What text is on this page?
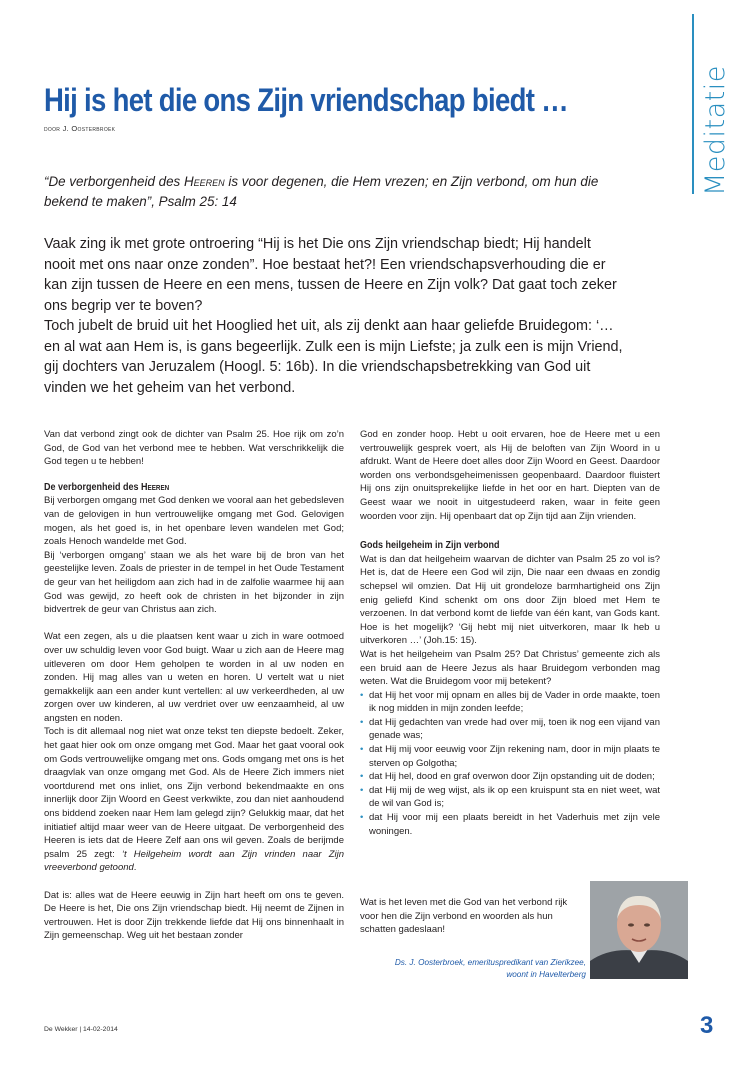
Meditatie
Hij is het die ons Zijn vriendschap biedt …
door J. Oosterbroek
“De verborgenheid des Heeren is voor degenen, die Hem vrezen; en Zijn verbond, om hun die bekend te maken”, Psalm 25: 14

Vaak zing ik met grote ontroering “Hij is het Die ons Zijn vriendschap biedt; Hij handelt nooit met ons naar onze zonden”. Hoe bestaat het?! Een vriendschapsverhouding die er kan zijn tussen de Heere en een mens, tussen de Heere en Zijn volk? Dat gaat toch zeker ons begrip ver te boven?

Toch jubelt de bruid uit het Hooglied het uit, als zij denkt aan haar geliefde Bruidegom: ‘… en al wat aan Hem is, is gans begeerlijk. Zulk een is mijn Liefste; ja zulk een is mijn Vriend, gij dochters van Jeruzalem (Hoogl. 5: 16b). In die vriendschapsbetrekking van God uit vinden we het geheim van het verbond.

Van dat verbond zingt ook de dichter van Psalm 25. Hoe rijk om zo’n God, de God van het verbond mee te hebben. Wat verschrikkelijk die God tegen u te hebben!

De verborgenheid des Heeren

Bij verborgen omgang met God denken we vooral aan het gebedsleven van de gelovigen in hun vertrouwelijke omgang met God. Gelovigen mogen, als het goed is, in het openbare leven wandelen met God; zoals Henoch wandelde met God.

Bij ‘verborgen omgang’ staan we als het ware bij de bron van het geestelijke leven. Zoals de priester in de tempel in het Oude Testament de geur van het heiligdom aan zich had in de zalfolie waarmee hij aan God was gewijd, zo heeft ook de christen in het bijzonder in zijn bidvertrek de geur van Christus aan zich.

Wat een zegen, als u die plaatsen kent waar u zich in ware ootmoed over uw schuldig leven voor God buigt. Waar u zich aan de Heere mag uitleveren om door Hem geholpen te worden in al uw noden en zonden. Hij mag alles van u weten en horen. U vertelt wat u niet gemakkelijk aan een ander kunt vertellen: al uw verkeerdheden, al uw zorgen over uw kinderen, al uw verdriet over uw eenzaamheid, al uw angsten en noden.

Toch is dit allemaal nog niet wat onze tekst ten diepste bedoelt. Zeker, het gaat hier ook om onze omgang met God. Maar het gaat vooral ook om Gods vertrouwelijke omgang met ons. Gods omgang met ons is het draagvlak van onze omgang met God. Als de Heere Zich immers niet voortdurend met ons inliet, ons Zijn verbond bekendmaakte en ons innerlijk door Zijn Woord en Geest verkwikte, zou dan niet aanhoudend ons biddend zoeken naar Hem lam gelegd zijn? Gelukkig maar, dat het initiatief altijd maar weer van de Heere uitgaat. De verborgenheid des Heeren is iets dat de Heere Zelf aan ons wil geven. Zoals de berijmde psalm 25 zegt: ‘t Heilgeheim wordt aan Zijn vrinden naar Zijn vreeverbond getoond.

Dat is: alles wat de Heere eeuwig in Zijn hart heeft om ons te geven. De Heere is het, Die ons Zijn vriendschap biedt. Hij neemt de Zijnen in vertrouwen. Het is door Zijn trekkende liefde dat Hij ons binnenhaalt in Zijn gemeenschap. Weg uit het bestaan zonder

God en zonder hoop. Hebt u ooit ervaren, hoe de Heere met u een vertrouwelijk gesprek voert, als Hij de beloften van Zijn Woord in u afdrukt. Want de Heere doet alles door Zijn Woord en Geest. Daardoor worden ons verbondsgeheimenissen geopenbaard. Daardoor fluistert Hij ons zijn onuitsprekelijke liefde in het oor en hart. Diepten van de Geest waar we nooit in uitgestudeerd raken, waar in feite geen woorden voor zijn. Hij openbaart dat op Zijn tijd aan Zijn vrienden.

Gods heilgeheim in Zijn verbond

Wat is dan dat heilgeheim waarvan de dichter van Psalm 25 zo vol is? Het is, dat de Heere een God wil zijn, Die naar een dwaas en zondig schepsel wil omzien. Dat Hij uit grondeloze barmhartigheid ons Zijn enig geliefd Kind schenkt om ons door Zijn bloed met Hem te verzoenen. In dat verbond komt de liefde van één kant, van Gods kant. Hoe is het mogelijk? ‘Gij hebt mij niet uitverkoren, maar Ik heb u uitverkoren …’ (Joh.15: 15).

Wat is het heilgeheim van Psalm 25? Dat Christus’ gemeente zich als een bruid aan de Heere Jezus als haar Bruidegom verbonden mag weten. Wat die Bruidegom voor mij betekent?

• dat Hij het voor mij opnam en alles bij de Vader in orde maakte, toen ik nog midden in mijn zonden leefde;
• dat Hij gedachten van vrede had over mij, toen ik nog een vijand van genade was;
• dat Hij mij voor eeuwig voor Zijn rekening nam, door in mijn plaats te sterven op Golgotha;
• dat Hij hel, dood en graf overwon door Zijn opstanding uit de doden;
• dat Hij mij de weg wijst, als ik op een kruispunt sta en niet weet, wat de wil van God is;
• dat Hij voor mij een plaats bereidt in het Vaderhuis met zijn vele woningen.
Wat is het leven met die God van het verbond rijk voor hen die Zijn verbond en woorden als hun schatten gadeslaan!
Ds. J. Oosterbroek, emerituspredikant van Zierikzee,
woont in Havelterberg
De Wekker | 14-02-2014	3
